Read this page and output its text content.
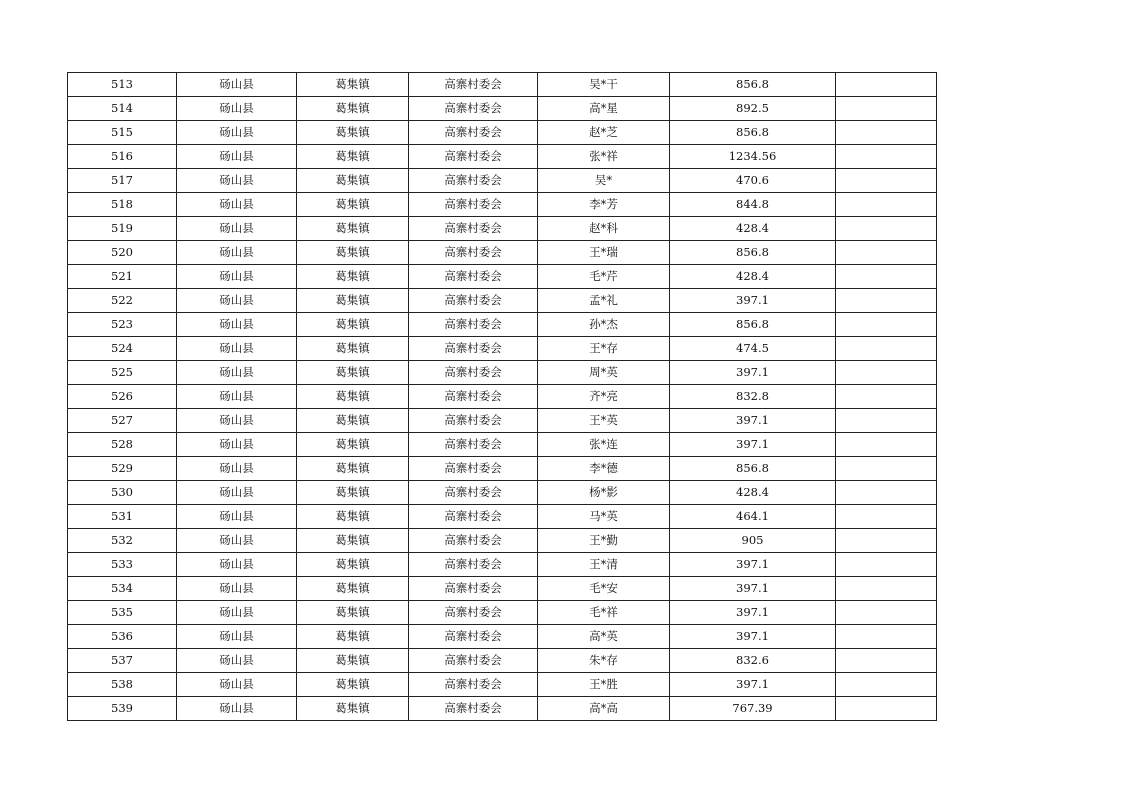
513	砀山县	葛集镇	高寨村委会	吴*干	856.8	
514	砀山县	葛集镇	高寨村委会	高*星	892.5	
515	砀山县	葛集镇	高寨村委会	赵*芝	856.8	
516	砀山县	葛集镇	高寨村委会	张*祥	1234.56	
517	砀山县	葛集镇	高寨村委会	吴*	470.6	
518	砀山县	葛集镇	高寨村委会	李*芳	844.8	
519	砀山县	葛集镇	高寨村委会	赵*科	428.4	
520	砀山县	葛集镇	高寨村委会	王*瑞	856.8	
521	砀山县	葛集镇	高寨村委会	毛*芹	428.4	
522	砀山县	葛集镇	高寨村委会	孟*礼	397.1	
523	砀山县	葛集镇	高寨村委会	孙*杰	856.8	
524	砀山县	葛集镇	高寨村委会	王*存	474.5	
525	砀山县	葛集镇	高寨村委会	周*英	397.1	
526	砀山县	葛集镇	高寨村委会	齐*亮	832.8	
527	砀山县	葛集镇	高寨村委会	王*英	397.1	
528	砀山县	葛集镇	高寨村委会	张*连	397.1	
529	砀山县	葛集镇	高寨村委会	李*德	856.8	
530	砀山县	葛集镇	高寨村委会	杨*影	428.4	
531	砀山县	葛集镇	高寨村委会	马*英	464.1	
532	砀山县	葛集镇	高寨村委会	王*勤	905	
533	砀山县	葛集镇	高寨村委会	王*清	397.1	
534	砀山县	葛集镇	高寨村委会	毛*安	397.1	
535	砀山县	葛集镇	高寨村委会	毛*祥	397.1	
536	砀山县	葛集镇	高寨村委会	高*英	397.1	
537	砀山县	葛集镇	高寨村委会	朱*存	832.6	
538	砀山县	葛集镇	高寨村委会	王*胜	397.1	
539	砀山县	葛集镇	高寨村委会	高*高	767.39	
